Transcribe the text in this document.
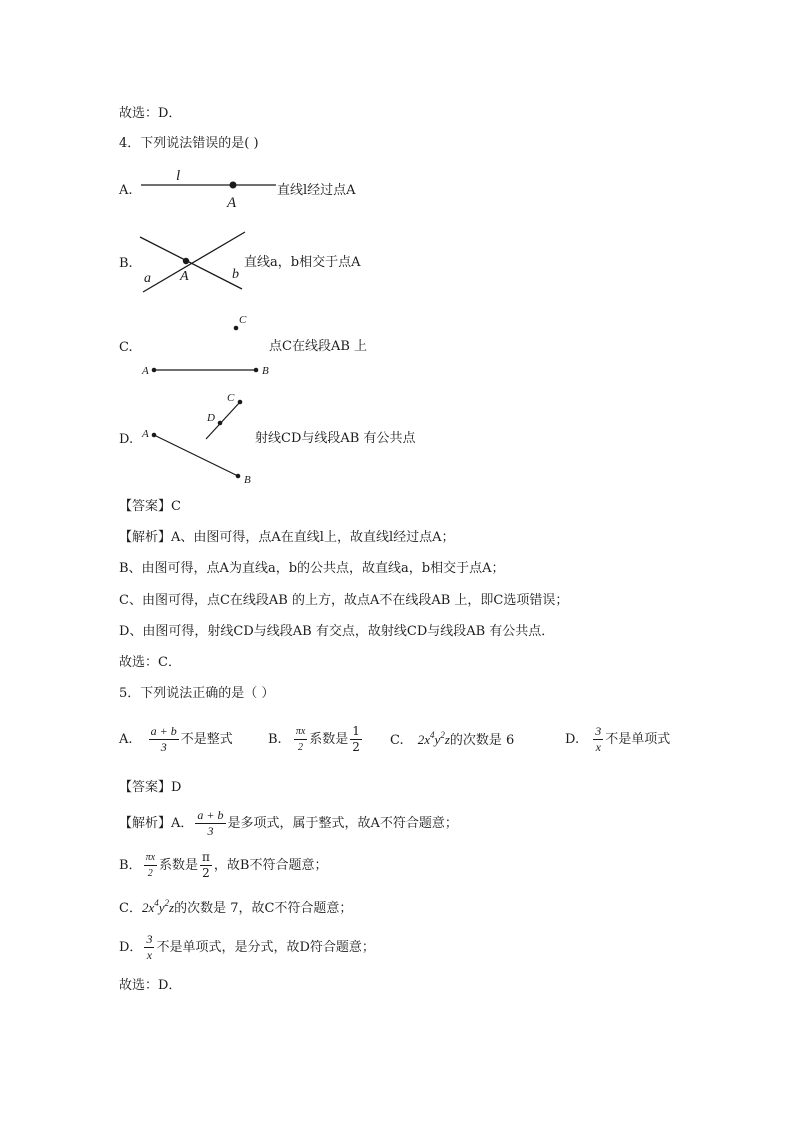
故选：D．
4．下列说法错误的是( )
l
A
a	b
A
C
A	B
C
D
A
B
A.	直线l经过点A
B.	直线a，b相交于点A
C.	点C在线段AB 上
D.	射线CD与线段AB 有公共点
【答案】C
【解析】A、由图可得，点A在直线l上，故直线l经过点A；
B、由图可得，点A为直线a，b的公共点，故直线a，b相交于点A；
C、由图可得，点C在线段AB 的上方，故点A不在线段AB 上，即C选项错误；
D、由图可得，射线CD与线段AB 有交点，故射线CD与线段AB 有公共点．
故选：C．
5．下列说法正确的是（ ）
A. $\frac{a + b}{3}$ 不是整式	B. $\frac{\pi x}{2}$ 系数是 $\frac{1}{2} C$. $2x^4y^2z$的次数是 6	D. $\frac{3}{x}$ 不是单项式
【答案】D
【解析】A． $\frac{a + b}{3}$ 是多项式，属于整式，故A不符合题意；
B． $\frac{\pi x}{2}$ 系数是 $\frac{\pi}{2}$ ，故B不符合题意；
C．$2x^4y^2z$的次数是 7，故C不符合题意；
D． $\frac{3}{x}$ 不是单项式，是分式，故D符合题意；
故选：D．
